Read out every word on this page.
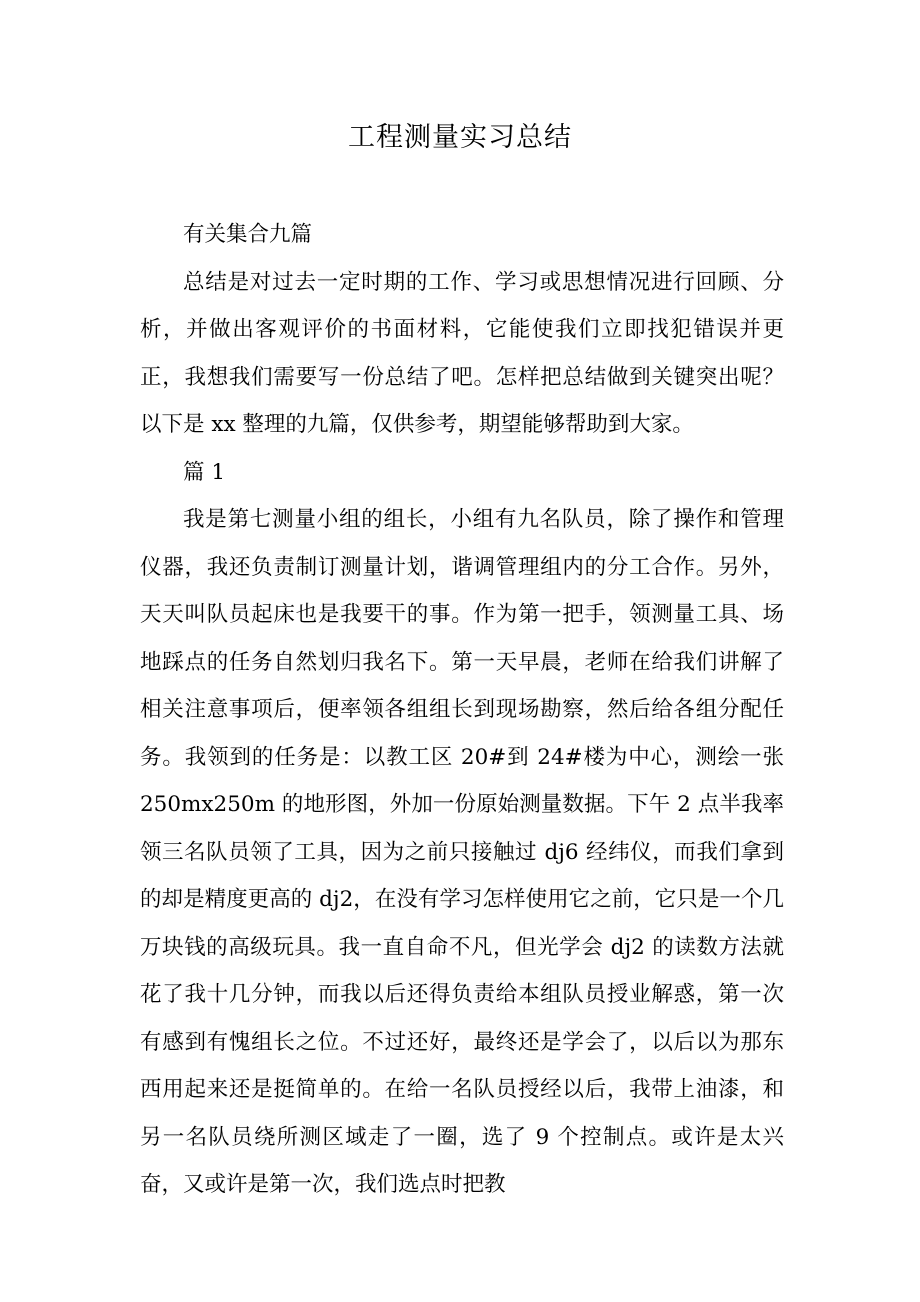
工程测量实习总结

有关集合九篇

总结是对过去一定时期的工作、学习或思想情况进行回顾、分析，并做出客观评价的书面材料，它能使我们立即找犯错误并更正，我想我们需要写一份总结了吧。怎样把总结做到关键突出呢？以下是 xx 整理的九篇，仅供参考，期望能够帮助到大家。

篇 1

我是第七测量小组的组长，小组有九名队员，除了操作和管理仪器，我还负责制订测量计划，谐调管理组内的分工合作。另外，天天叫队员起床也是我要干的事。作为第一把手，领测量工具、场地踩点的任务自然划归我名下。第一天早晨，老师在给我们讲解了相关注意事项后，便率领各组组长到现场勘察，然后给各组分配任务。我领到的任务是：以教工区 20#到 24#楼为中心，测绘一张 250mx250m 的地形图，外加一份原始测量数据。下午 2 点半我率领三名队员领了工具，因为之前只接触过 dj6 经纬仪，而我们拿到的却是精度更高的 dj2，在没有学习怎样使用它之前，它只是一个几万块钱的高级玩具。我一直自命不凡，但光学会 dj2 的读数方法就花了我十几分钟，而我以后还得负责给本组队员授业解惑，第一次有感到有愧组长之位。不过还好，最终还是学会了，以后以为那东西用起来还是挺简单的。在给一名队员授经以后，我带上油漆，和另一名队员绕所测区域走了一圈，选了 9 个控制点。或许是太兴奋，又或许是第一次，我们选点时把教
